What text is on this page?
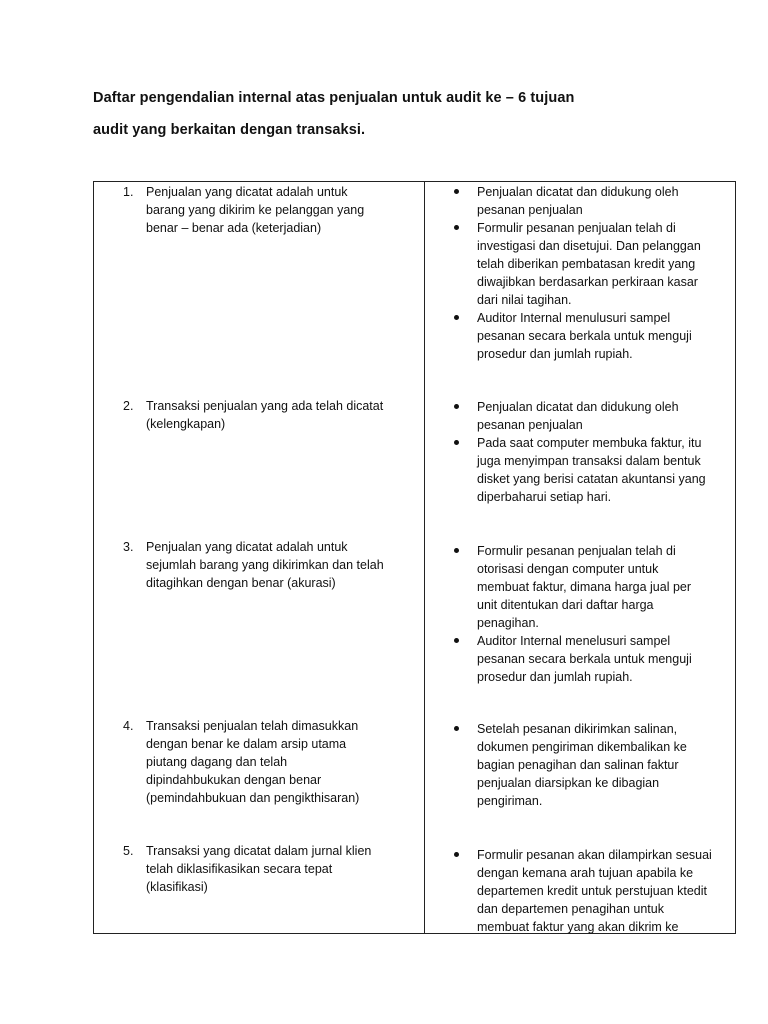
Daftar pengendalian internal atas penjualan untuk audit ke – 6 tujuan

audit yang berkaitan dengan transaksi.

1. Penjualan yang dicatat adalah untuk
barang yang dikirim ke pelanggan yang
benar – benar ada (keterjadian)
Penjualan dicatat dan didukung oleh
pesanan penjualan
Formulir pesanan penjualan telah di
investigasi dan disetujui. Dan pelanggan
telah diberikan pembatasan kredit yang
diwajibkan berdasarkan perkiraan kasar
dari nilai tagihan.
Auditor Internal menulusuri sampel
pesanan secara berkala untuk menguji
prosedur dan jumlah rupiah.
2. Transaksi penjualan yang ada telah dicatat
(kelengkapan)
Penjualan dicatat dan didukung oleh
pesanan penjualan
Pada saat computer membuka faktur, itu
juga menyimpan transaksi dalam bentuk
disket yang berisi catatan akuntansi yang
diperbaharui setiap hari.
3. Penjualan yang dicatat adalah untuk
sejumlah barang yang dikirimkan dan telah
ditagihkan dengan benar (akurasi)
Formulir pesanan penjualan telah di
otorisasi dengan computer untuk
membuat faktur, dimana harga jual per
unit ditentukan dari daftar harga
penagihan.
Auditor Internal menelusuri sampel
pesanan secara berkala untuk menguji
prosedur dan jumlah rupiah.
4. Transaksi penjualan telah dimasukkan
dengan benar ke dalam arsip utama
piutang dagang dan telah
dipindahbukukan dengan benar
(pemindahbukuan dan pengikthisaran)
Setelah pesanan dikirimkan salinan,
dokumen pengiriman dikembalikan ke
bagian penagihan dan salinan faktur
penjualan diarsipkan ke dibagian
pengiriman.
5. Transaksi yang dicatat dalam jurnal klien
telah diklasifikasikan secara tepat
(klasifikasi)
Formulir pesanan akan dilampirkan sesuai
dengan kemana arah tujuan apabila ke
departemen kredit untuk perstujuan ktedit
dan departemen penagihan untuk
membuat faktur yang akan dikrim ke
